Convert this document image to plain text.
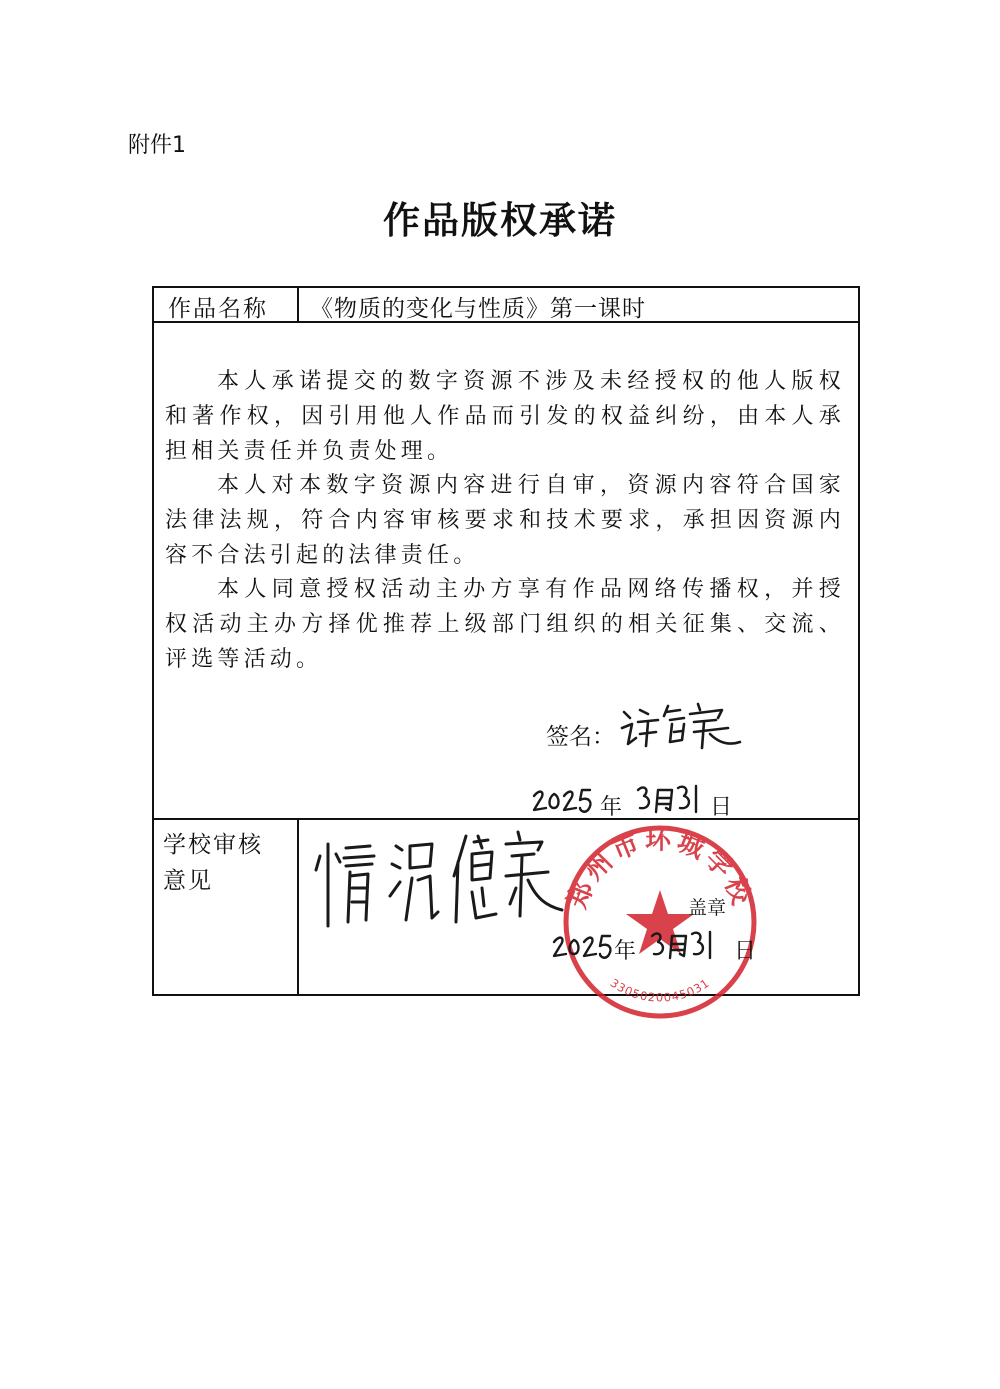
附件1
作品版权承诺
作品名称 《物质的变化与性质》第一课时
本人承诺提交的数字资源不涉及未经授权的他人版权和著作权，因引用他人作品而引发的权益纠纷，由本人承担相关责任并负责处理。
本人对本数字资源内容进行自审，资源内容符合国家法律法规，符合内容审核要求和技术要求，承担因资源内容不合法引起的法律责任。
本人同意授权活动主办方享有作品网络传播权，并授权活动主办方择优推荐上级部门组织的相关征集、交流、评选等活动。
签名：
年	日
学校审核
意见	郑州市环城学校
3305020045031
盖章
年	日
